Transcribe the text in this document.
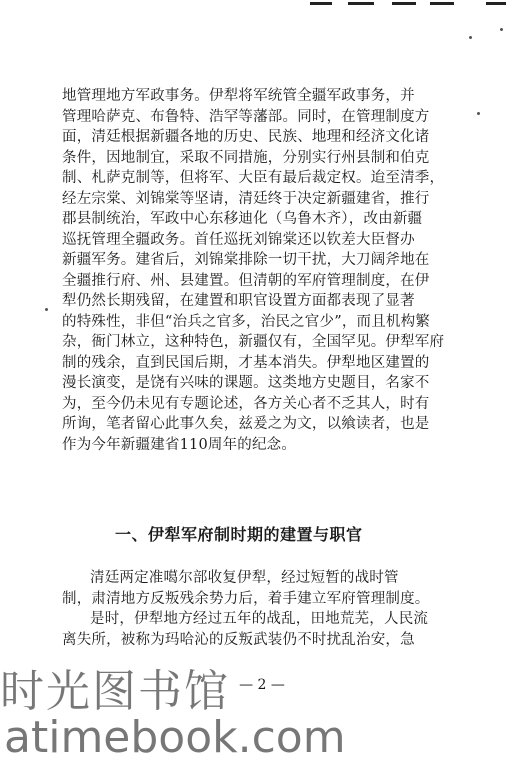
地管理地方军政事务。伊犁将军统管全疆军政事务，并
管理哈萨克、布鲁特、浩罕等藩部。同时，在管理制度方
面，清廷根据新疆各地的历史、民族、地理和经济文化诸
条件，因地制宜，采取不同措施，分别实行州县制和伯克
制、札萨克制等，但将军、大臣有最后裁定权。迨至清季，
经左宗棠、刘锦棠等坚请，清廷终于决定新疆建省，推行
郡县制统治，军政中心东移迪化（乌鲁木齐），改由新疆
巡抚管理全疆政务。首任巡抚刘锦棠还以钦差大臣督办
新疆军务。建省后，刘锦棠排除一切干扰，大刀阔斧地在
全疆推行府、州、县建置。但清朝的军府管理制度，在伊
犁仍然长期残留，在建置和职官设置方面都表现了显著
的特殊性，非但“治兵之官多，治民之官少”，而且机构繁
杂，衙门林立，这种特色，新疆仅有，全国罕见。伊犁军府
制的残余，直到民国后期，才基本消失。伊犁地区建置的
漫长演变，是饶有兴味的课题。这类地方史题目，名家不
为，至今仍未见有专题论述，各方关心者不乏其人，时有
所询，笔者留心此事久矣，兹爰之为文，以飨读者，也是
作为今年新疆建省110周年的纪念。
一、伊犁军府制时期的建置与职官
清廷两定准噶尔部收复伊犁，经过短暂的战时管
制，肃清地方反叛残余势力后，着手建立军府管理制度。
是时，伊犁地方经过五年的战乱，田地荒芜，人民流
离失所，被称为玛哈沁的反叛武装仍不时扰乱治安，急
— 2 —
时光图书馆
atimebook.com
